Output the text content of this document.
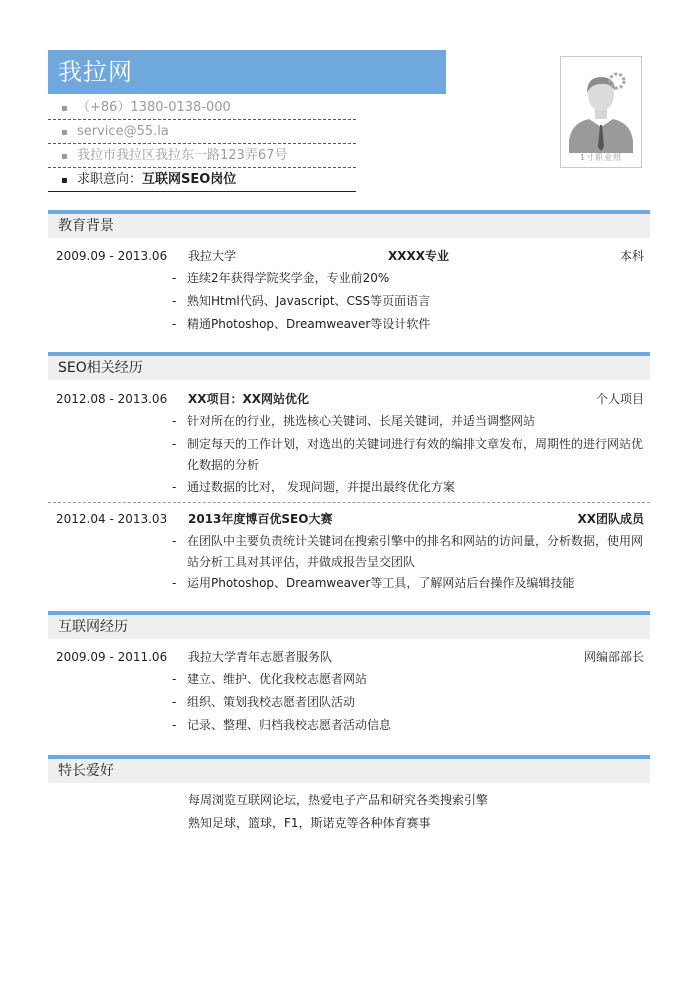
我拉网
▪ （+86）1380-0138-000
▪ service@55.la
▪ 我拉市我拉区我拉东一路123弄67号
▪ 求职意向：互联网SEO岗位
1寸职业照
教育背景
2009.09 - 2013.06 我拉大学	XXXX专业	本科
- 连续2年获得学院奖学金，专业前20%
- 熟知Html代码、Javascript、CSS等页面语言
- 精通Photoshop、Dreamweaver等设计软件
SEO相关经历
2012.08 - 2013.06 XX项目：XX网站优化	个人项目
- 针对所在的行业，挑选核心关键词、长尾关键词，并适当调整网站
- 制定每天的工作计划，对选出的关键词进行有效的编排文章发布，周期性的进行网站优化数据的分析
- 通过数据的比对， 发现问题，并提出最终优化方案
2012.04 - 2013.03 2013年度博百优SEO大赛	XX团队成员
- 在团队中主要负责统计关键词在搜索引擎中的排名和网站的访问量，分析数据，使用网站分析工具对其评估，并做成报告呈交团队
- 运用Photoshop、Dreamweaver等工具，了解网站后台操作及编辑技能
互联网经历
2009.09 - 2011.06 我拉大学青年志愿者服务队	网编部部长
- 建立、维护、优化我校志愿者网站
- 组织、策划我校志愿者团队活动
- 记录、整理、归档我校志愿者活动信息
特长爱好
每周浏览互联网论坛，热爱电子产品和研究各类搜索引擎
熟知足球，篮球，F1，斯诺克等各种体育赛事
